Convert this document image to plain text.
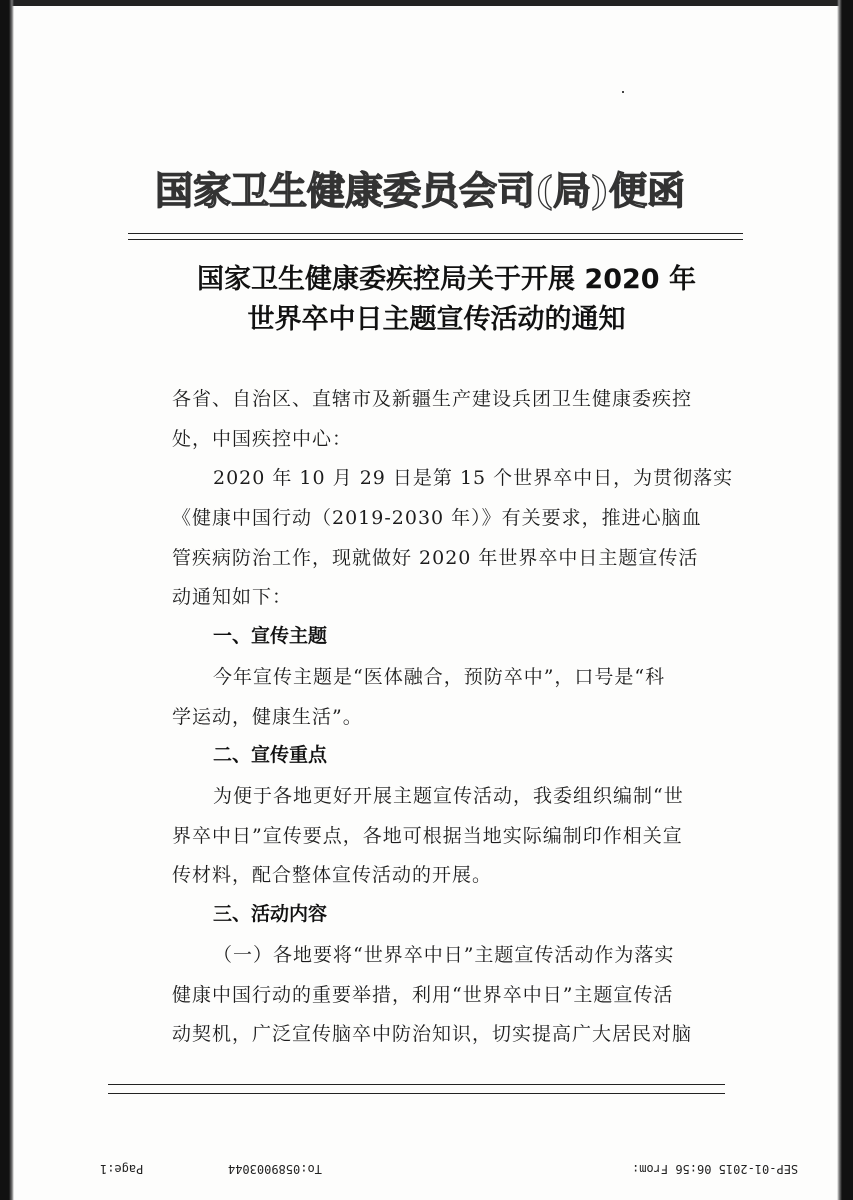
国家卫生健康委员会司(局)便函
国家卫生健康委疾控局关于开展 2020 年
世界卒中日主题宣传活动的通知
各省、自治区、直辖市及新疆生产建设兵团卫生健康委疾控
处，中国疾控中心：
2020 年 10 月 29 日是第 15 个世界卒中日，为贯彻落实
《健康中国行动（2019-2030 年）》有关要求，推进心脑血
管疾病防治工作，现就做好 2020 年世界卒中日主题宣传活
动通知如下：
一、宣传主题
今年宣传主题是“医体融合，预防卒中”，口号是“科
学运动，健康生活”。
二、宣传重点
为便于各地更好开展主题宣传活动，我委组织编制“世
界卒中日”宣传要点，各地可根据当地实际编制印作相关宣
传材料，配合整体宣传活动的开展。
三、活动内容
（一）各地要将“世界卒中日”主题宣传活动作为落实
健康中国行动的重要举措，利用“世界卒中日”主题宣传活
动契机，广泛宣传脑卒中防治知识，切实提高广大居民对脑
SEP-01-2015 06:56 From:
To:0589003044
Page:1
